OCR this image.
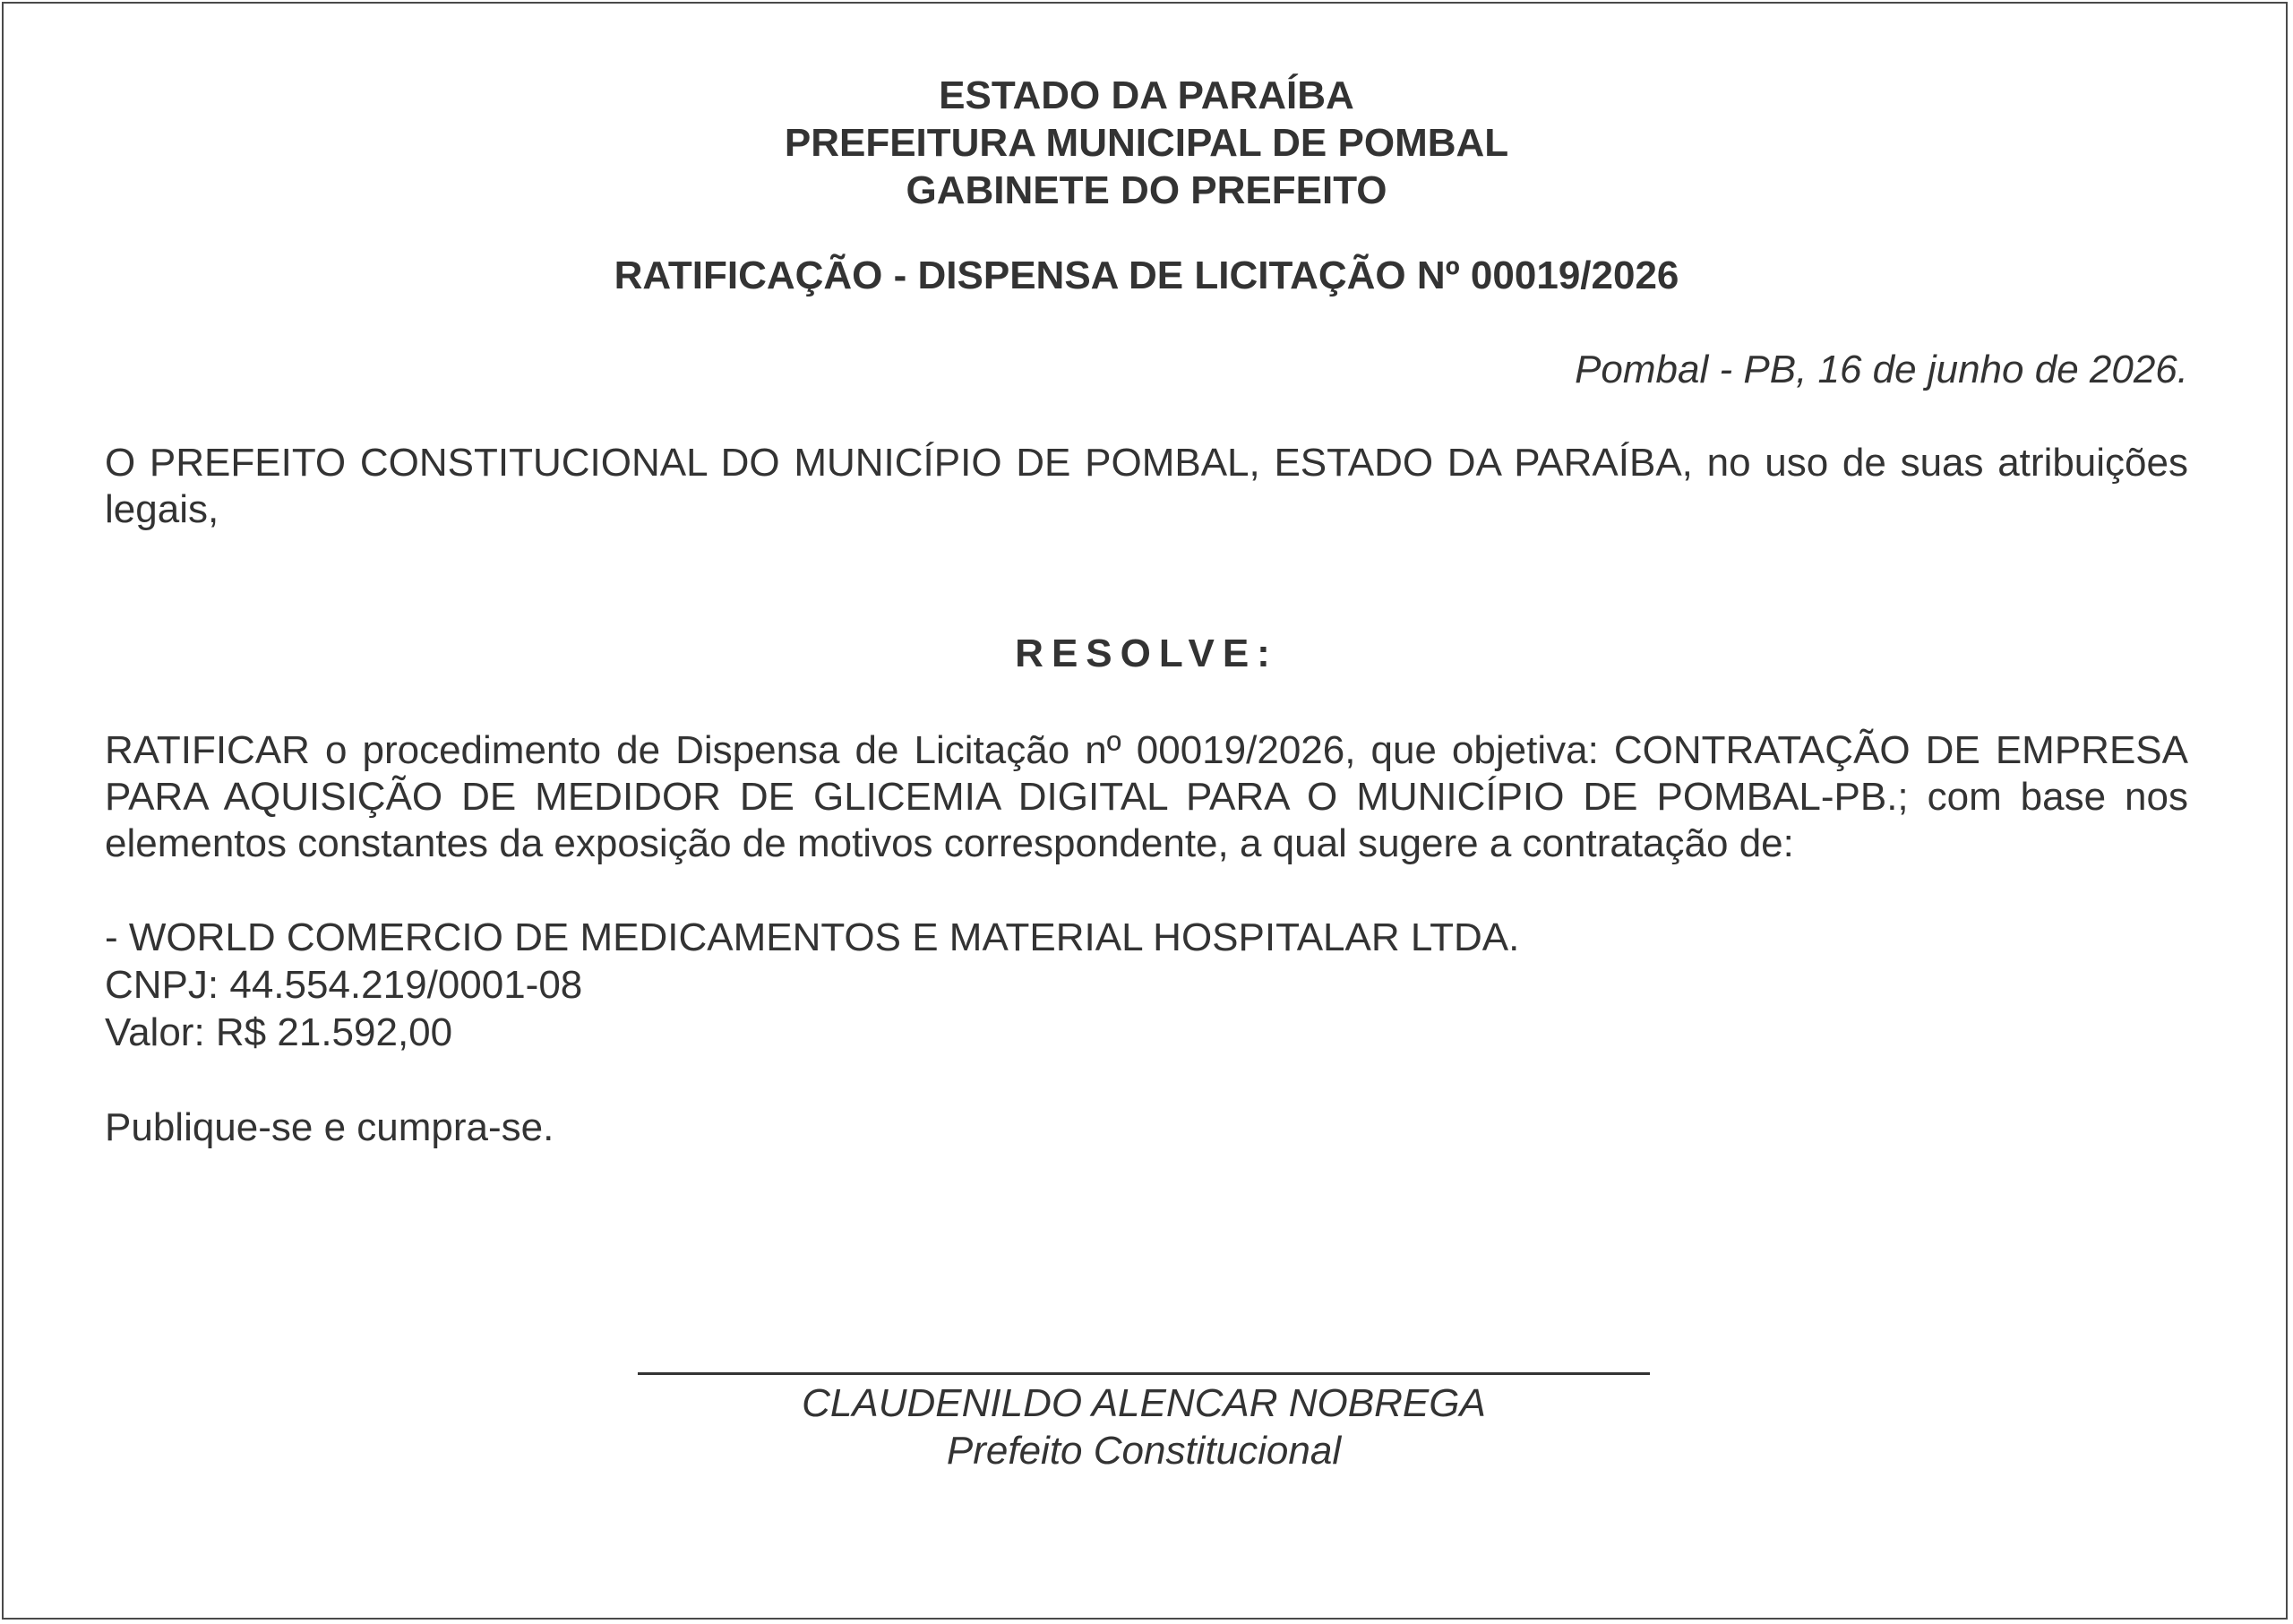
ESTADO DA PARAÍBA
PREFEITURA MUNICIPAL DE POMBAL
GABINETE DO PREFEITO
RATIFICAÇÃO - DISPENSA DE LICITAÇÃO Nº 00019/2026
Pombal - PB, 16 de junho de 2026.
O PREFEITO CONSTITUCIONAL DO MUNICÍPIO DE POMBAL, ESTADO DA PARAÍBA, no uso de suas atribuições legais,
RESOLVE:
RATIFICAR o procedimento de Dispensa de Licitação nº 00019/2026, que objetiva: CONTRATAÇÃO DE EMPRESA PARA AQUISIÇÃO DE MEDIDOR DE GLICEMIA DIGITAL PARA O MUNICÍPIO DE POMBAL-PB.; com base nos elementos constantes da exposição de motivos correspondente, a qual sugere a contratação de:
- WORLD COMERCIO DE MEDICAMENTOS E MATERIAL HOSPITALAR LTDA.
CNPJ: 44.554.219/0001-08
Valor: R$ 21.592,00
Publique-se e cumpra-se.
CLAUDENILDO ALENCAR NOBREGA
Prefeito Constitucional
